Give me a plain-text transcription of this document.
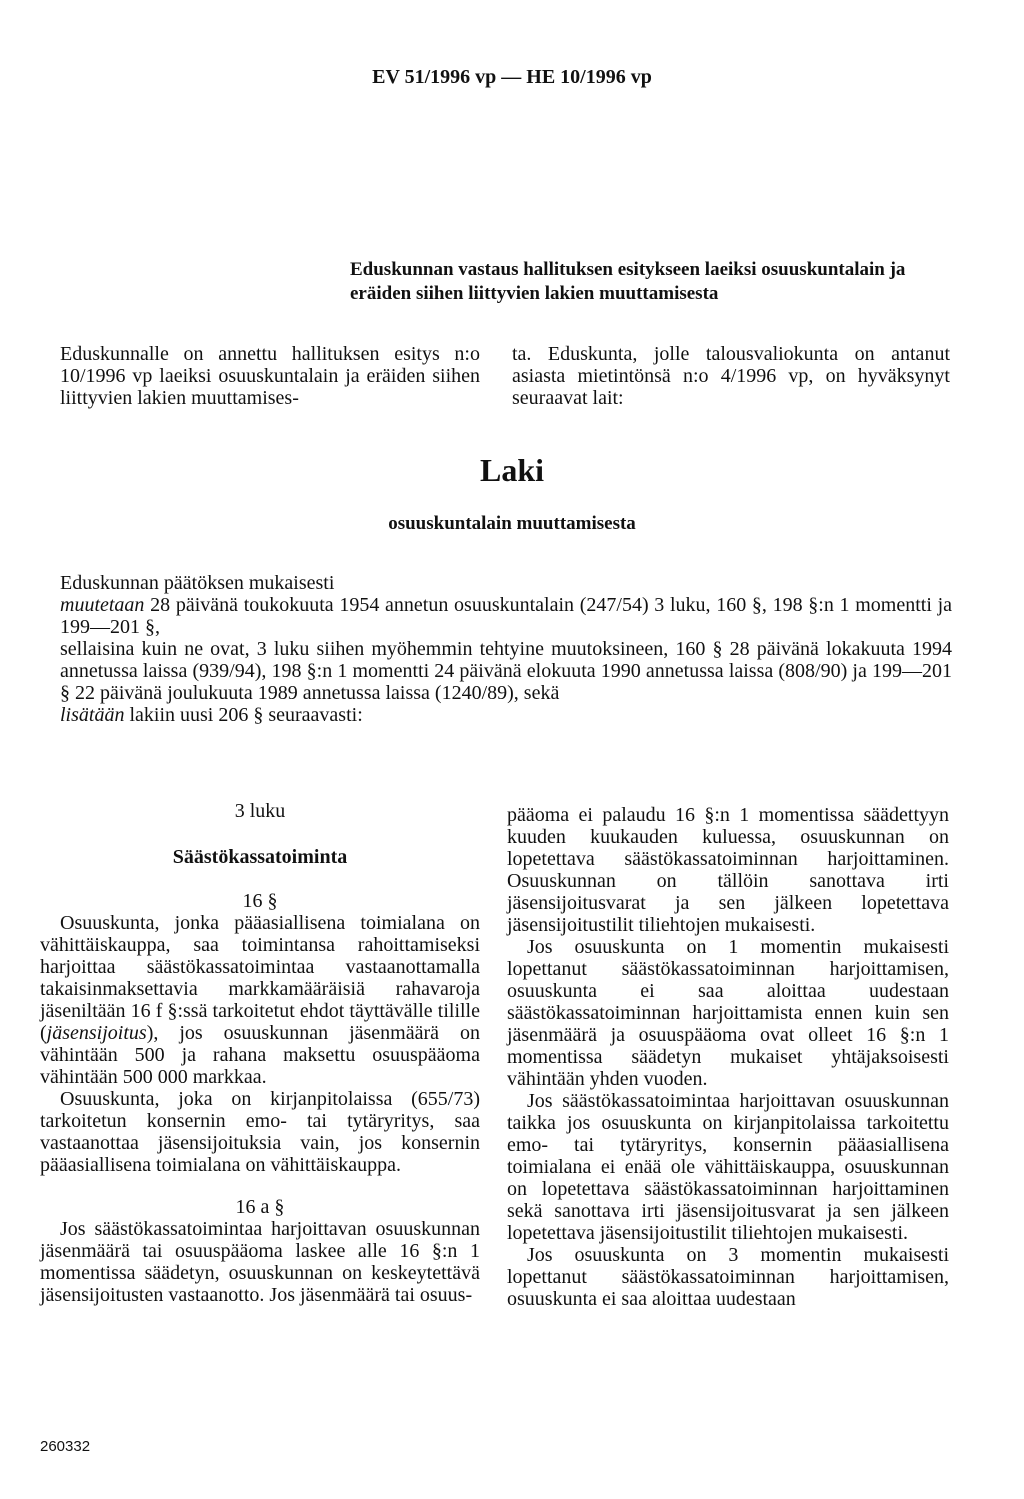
EV 51/1996 vp — HE 10/1996 vp
Eduskunnan vastaus hallituksen esitykseen laeiksi osuuskuntalain ja eräiden siihen liittyvien lakien muuttamisesta
Eduskunnalle on annettu hallituksen esitys n:o 10/1996 vp laeiksi osuuskuntalain ja eräiden siihen liittyvien lakien muuttamises-
ta. Eduskunta, jolle talousvaliokunta on antanut asiasta mietintönsä n:o 4/1996 vp, on hyväksynyt seuraavat lait:
Laki
osuuskuntalain muuttamisesta

Eduskunnan päätöksen mukaisesti

muutetaan 28 päivänä toukokuuta 1954 annetun osuuskuntalain (247/54) 3 luku, 160 §, 198 §:n 1 momentti ja 199—201 §,

sellaisina kuin ne ovat, 3 luku siihen myöhemmin tehtyine muutoksineen, 160 § 28 päivänä lokakuuta 1994 annetussa laissa (939/94), 198 §:n 1 momentti 24 päivänä elokuuta 1990 annetussa laissa (808/90) ja 199—201 § 22 päivänä joulukuuta 1989 annetussa laissa (1240/89), sekä

lisätään lakiin uusi 206 § seuraavasti:

3 luku
Säästökassatoiminta
16 §

Osuuskunta, jonka pääasiallisena toimialana on vähittäiskauppa, saa toimintansa rahoittamiseksi harjoittaa säästökassatoimintaa vastaanottamalla takaisinmaksettavia markkamääräisiä rahavaroja jäseniltään 16 f §:ssä tarkoitetut ehdot täyttävälle tilille (jäsensijoitus), jos osuuskunnan jäsenmäärä on vähintään 500 ja rahana maksettu osuuspääoma vähintään 500 000 markkaa.

Osuuskunta, joka on kirjanpitolaissa (655/73) tarkoitetun konsernin emo- tai tytäryritys, saa vastaanottaa jäsensijoituksia vain, jos konsernin pääasiallisena toimialana on vähittäiskauppa.

16 a §

Jos säästökassatoimintaa harjoittavan osuuskunnan jäsenmäärä tai osuuspääoma laskee alle 16 §:n 1 momentissa säädetyn, osuuskunnan on keskeytettävä jäsensijoitusten vastaanotto. Jos jäsenmäärä tai osuus-

pääoma ei palaudu 16 §:n 1 momentissa säädettyyn kuuden kuukauden kuluessa, osuuskunnan on lopetettava säästökassatoiminnan harjoittaminen. Osuuskunnan on tällöin sanottava irti jäsensijoitusvarat ja sen jälkeen lopetettava jäsensijoitustilit tiliehtojen mukaisesti.

Jos osuuskunta on 1 momentin mukaisesti lopettanut säästökassatoiminnan harjoittamisen, osuuskunta ei saa aloittaa uudestaan säästökassatoiminnan harjoittamista ennen kuin sen jäsenmäärä ja osuuspääoma ovat olleet 16 §:n 1 momentissa säädetyn mukaiset yhtäjaksoisesti vähintään yhden vuoden.

Jos säästökassatoimintaa harjoittavan osuuskunnan taikka jos osuuskunta on kirjanpitolaissa tarkoitettu emo- tai tytäryritys, konsernin pääasiallisena toimialana ei enää ole vähittäiskauppa, osuuskunnan on lopetettava säästökassatoiminnan harjoittaminen sekä sanottava irti jäsensijoitusvarat ja sen jälkeen lopetettava jäsensijoitustilit tiliehtojen mukaisesti.

Jos osuuskunta on 3 momentin mukaisesti lopettanut säästökassatoiminnan harjoittamisen, osuuskunta ei saa aloittaa uudestaan

260332
